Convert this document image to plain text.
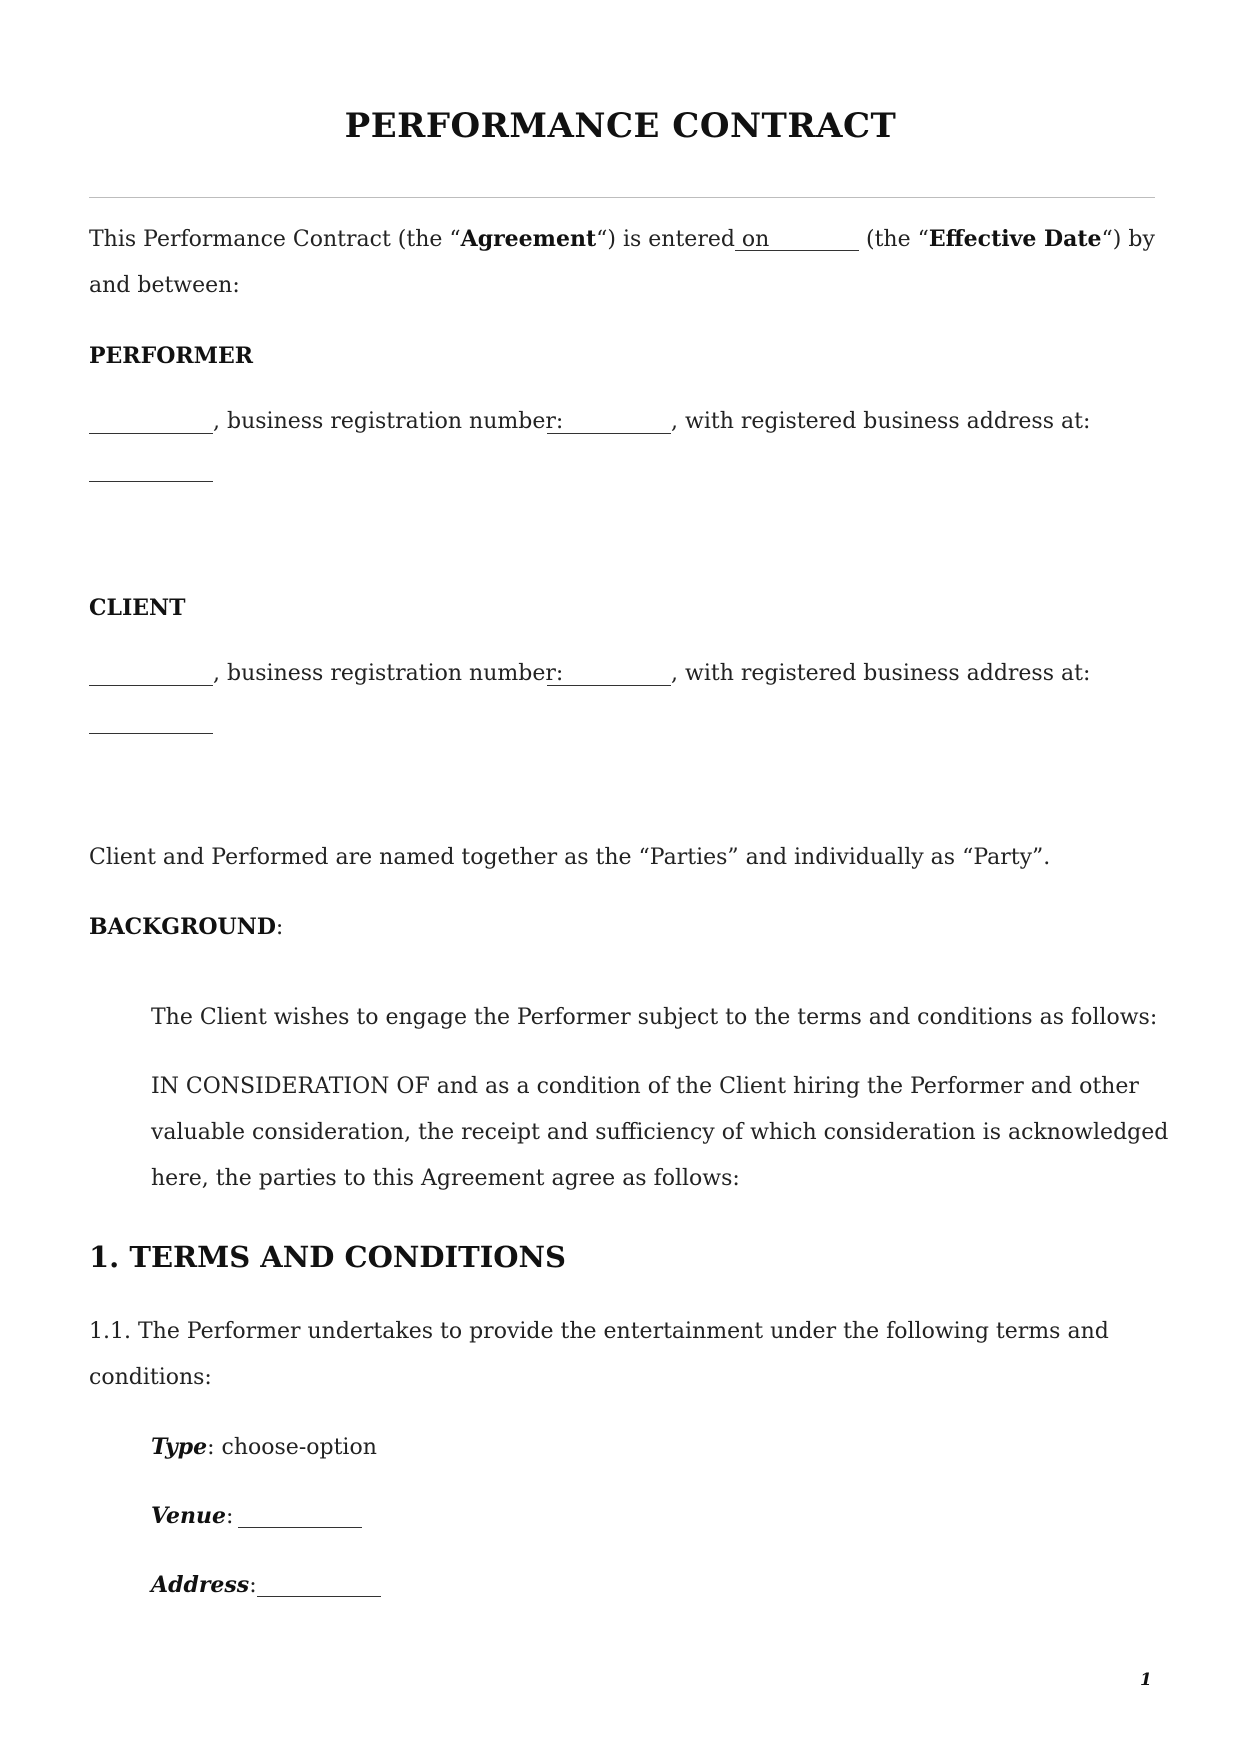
PERFORMANCE CONTRACT
This Performance Contract (the “Agreement“) is entered on	(the “Effective Date“) by
and between:
PERFORMER
, business registration number:	, with registered business address at:
CLIENT
, business registration number:	, with registered business address at:
Client and Performed are named together as the “Parties” and individually as “Party”.
BACKGROUND:
The Client wishes to engage the Performer subject to the terms and conditions as follows:
IN CONSIDERATION OF and as a condition of the Client hiring the Performer and other
valuable consideration, the receipt and sufficiency of which consideration is acknowledged
here, the parties to this Agreement agree as follows:
1. TERMS AND CONDITIONS
1.1. The Performer undertakes to provide the entertainment under the following terms and
conditions:
Type: choose-option
Venue:
Address:
1
